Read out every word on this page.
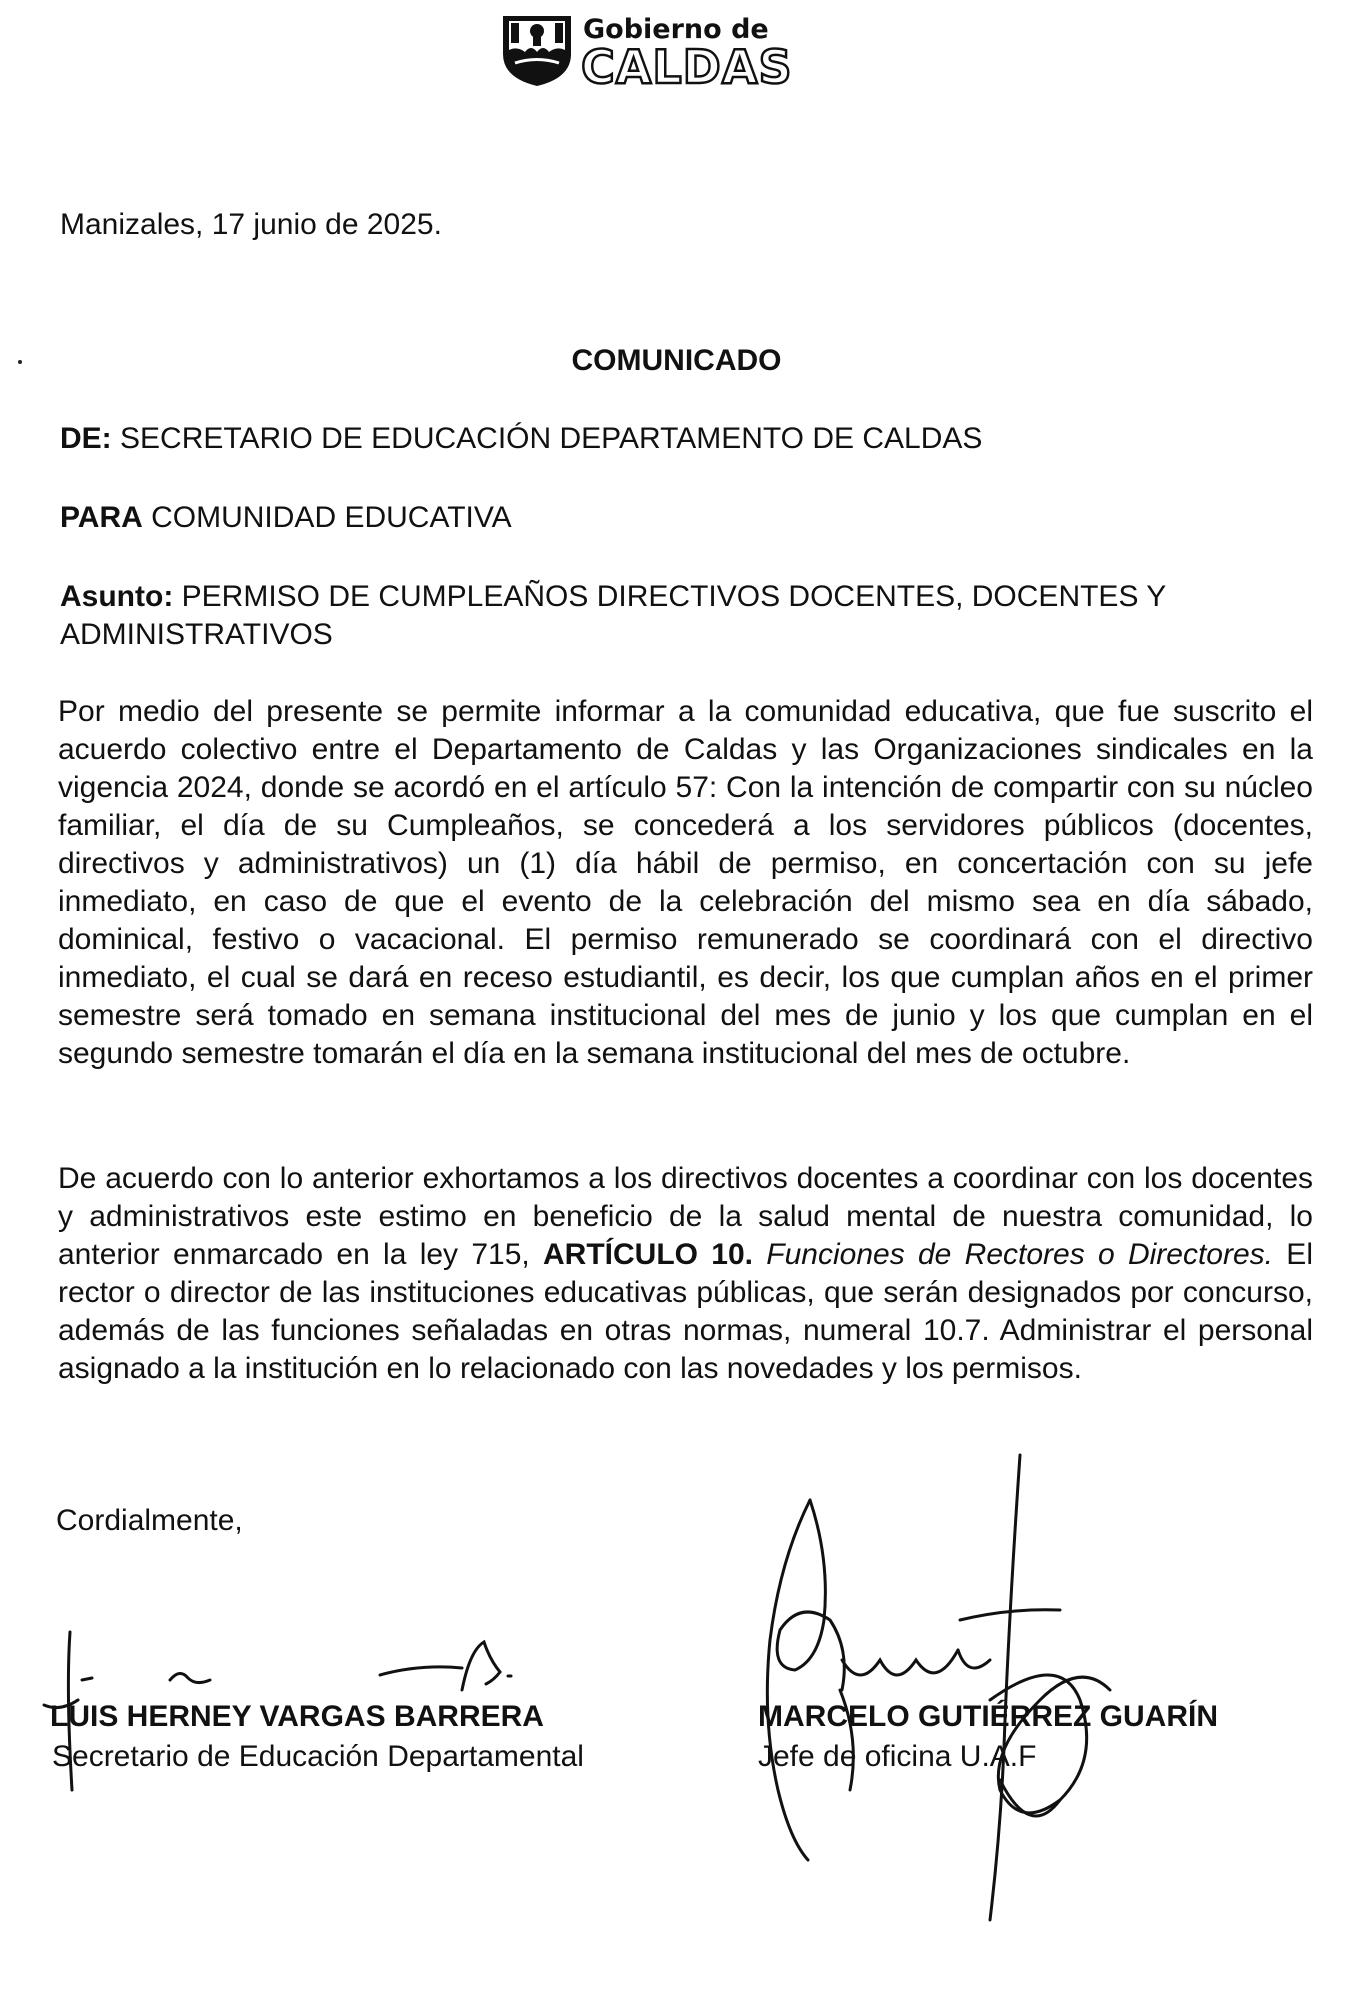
Gobierno de
CALDAS
Manizales, 17 junio de 2025.
COMUNICADO
DE: SECRETARIO DE EDUCACIÓN DEPARTAMENTO DE CALDAS
PARA COMUNIDAD EDUCATIVA
Asunto: PERMISO DE CUMPLEAÑOS DIRECTIVOS DOCENTES, DOCENTES Y ADMINISTRATIVOS
Por medio del presente se permite informar a la comunidad educativa, que fue suscrito el acuerdo colectivo entre el Departamento de Caldas y las Organizaciones sindicales en la vigencia 2024, donde se acordó en el artículo 57: Con la intención de compartir con su núcleo familiar, el día de su Cumpleaños, se concederá a los servidores públicos (docentes, directivos y administrativos) un (1) día hábil de permiso, en concertación con su jefe inmediato, en caso de que el evento de la celebración del mismo sea en día sábado, dominical, festivo o vacacional. El permiso remunerado se coordinará con el directivo inmediato, el cual se dará en receso estudiantil, es decir, los que cumplan años en el primer semestre será tomado en semana institucional del mes de junio y los que cumplan en el segundo semestre tomarán el día en la semana institucional del mes de octubre.
De acuerdo con lo anterior exhortamos a los directivos docentes a coordinar con los docentes y administrativos este estimo en beneficio de la salud mental de nuestra comunidad, lo anterior enmarcado en la ley 715, ARTÍCULO 10. Funciones de Rectores o Directores. El rector o director de las instituciones educativas públicas, que serán designados por concurso, además de las funciones señaladas en otras normas, numeral 10.7. Administrar el personal asignado a la institución en lo relacionado con las novedades y los permisos.
Cordialmente,
LUIS HERNEY VARGAS BARRERA
Secretario de Educación Departamental
MARCELO GUTIÉRREZ GUARÍN
Jefe de oficina U.A.F
